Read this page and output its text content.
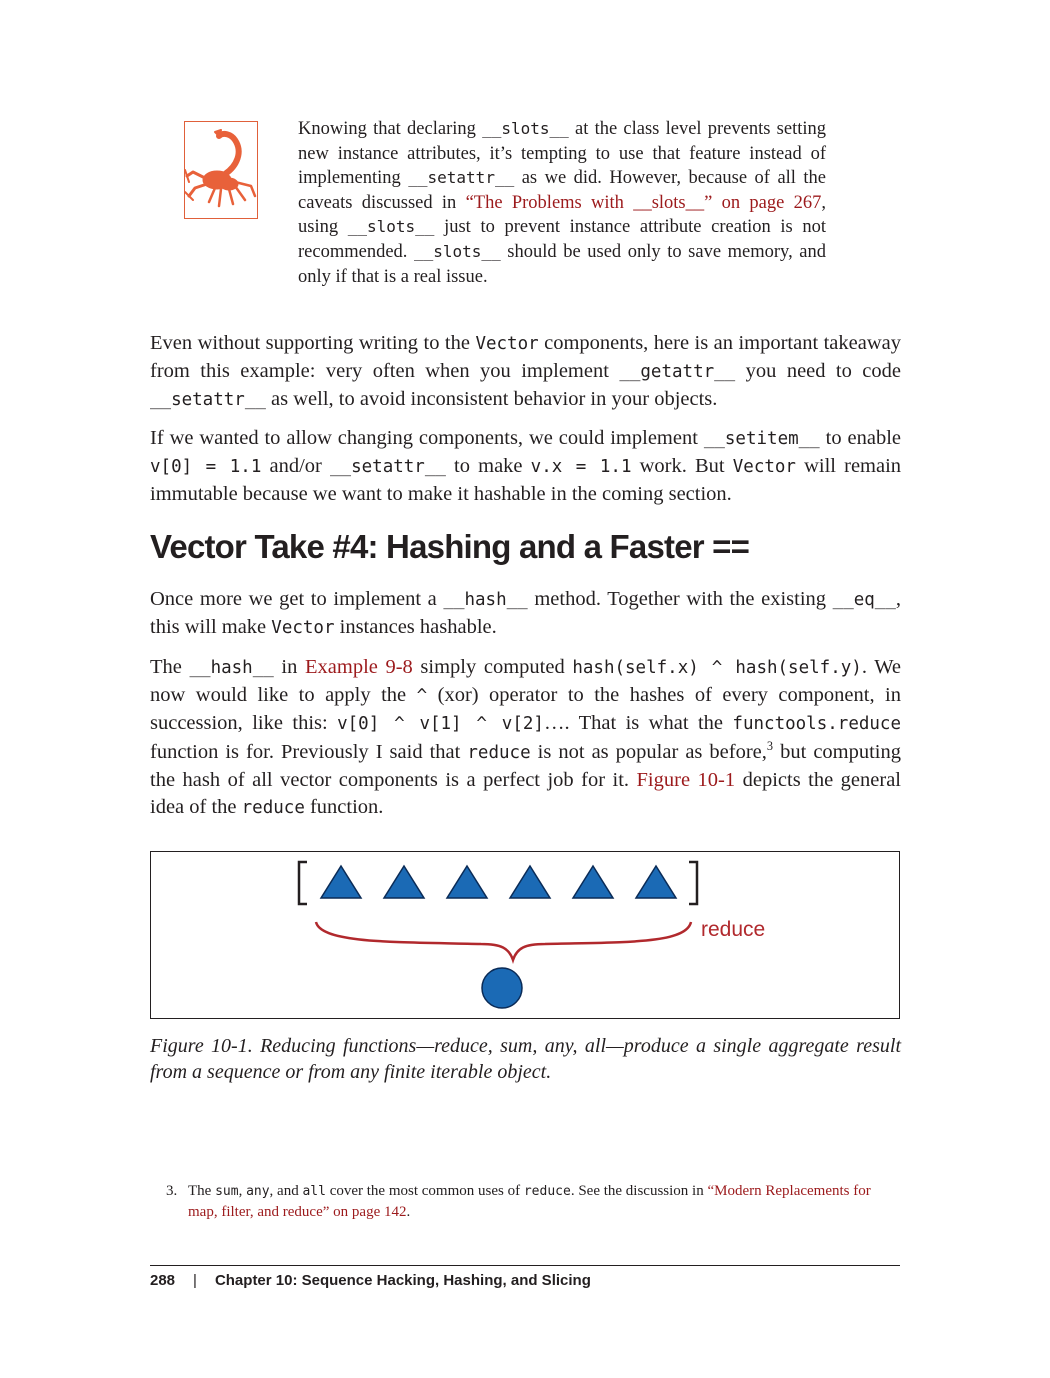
Knowing that declaring __slots__ at the class level prevents setting new instance attributes, it’s tempting to use that feature instead of implementing __setattr__ as we did. However, because of all the caveats discussed in “The Problems with __slots__” on page 267, using __slots__ just to prevent instance attribute creation is not recommended. __slots__ should be used only to save memory, and only if that is a real issue.

Even without supporting writing to the Vector components, here is an important takeaway from this example: very often when you implement __getattr__ you need to code __setattr__ as well, to avoid inconsistent behavior in your objects.

If we wanted to allow changing components, we could implement __setitem__ to enable v[0] = 1.1 and/or __setattr__ to make v.x = 1.1 work. But Vector will remain immutable because we want to make it hashable in the coming section.

Vector Take #4: Hashing and a Faster ==

Once more we get to implement a __hash__ method. Together with the existing __eq__, this will make Vector instances hashable.

The __hash__ in Example 9-8 simply computed hash(self.x) ^ hash(self.y). We now would like to apply the ^ (xor) operator to the hashes of every component, in succession, like this: v[0] ^ v[1] ^ v[2]…. That is what the functools.reduce function is for. Previously I said that reduce is not as popular as before,$^3$ but computing the hash of all vector components is a perfect job for it. Figure 10-1 depicts the general idea of the reduce function.

reduce

Figure 10-1. Reducing functions—reduce, sum, any, all—produce a single aggregate result from a sequence or from any finite iterable object.

3. The sum, any, and all cover the most common uses of reduce. See the discussion in “Modern Replacements for map, filter, and reduce” on page 142.
288 | Chapter 10: Sequence Hacking, Hashing, and Slicing
